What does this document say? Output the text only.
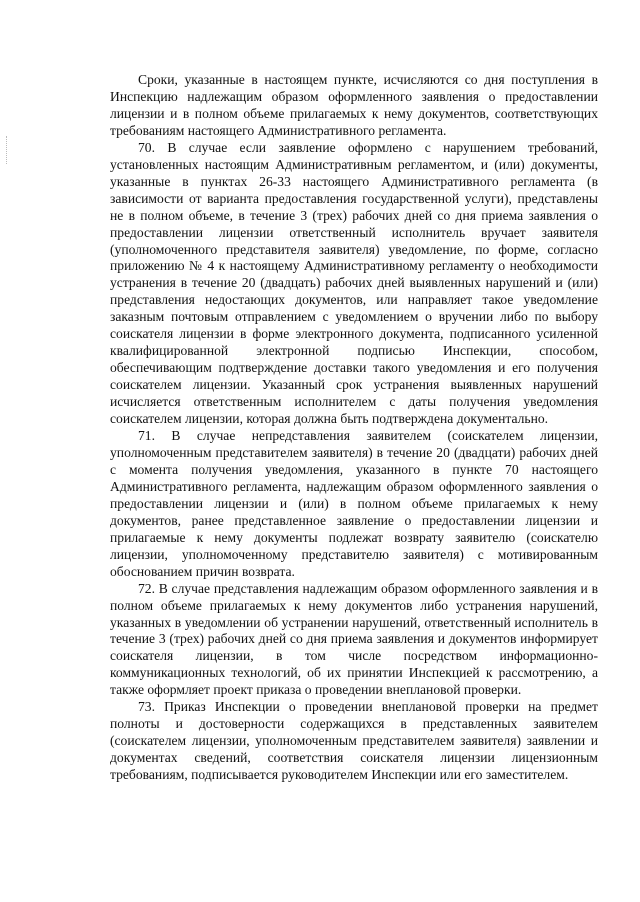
Сроки, указанные в настоящем пункте, исчисляются со дня поступления в Инспекцию надлежащим образом оформленного заявления о предоставлении лицензии и в полном объеме прилагаемых к нему документов, соответствующих требованиям настоящего Административного регламента.

70. В случае если заявление оформлено с нарушением требований, установленных настоящим Административным регламентом, и (или) документы, указанные в пунктах 26-33 настоящего Административного регламента (в зависимости от варианта предоставления государственной услуги), представлены не в полном объеме, в течение 3 (трех) рабочих дней со дня приема заявления о предоставлении лицензии ответственный исполнитель вручает заявителя (уполномоченного представителя заявителя) уведомление, по форме, согласно приложению № 4 к настоящему Административному регламенту о необходимости устранения в течение 20 (двадцать) рабочих дней выявленных нарушений и (или) представления недостающих документов, или направляет такое уведомление заказным почтовым отправлением с уведомлением о вручении либо по выбору соискателя лицензии в форме электронного документа, подписанного усиленной квалифицированной электронной подписью Инспекции, способом, обеспечивающим подтверждение доставки такого уведомления и его получения соискателем лицензии. Указанный срок устранения выявленных нарушений исчисляется ответственным исполнителем с даты получения уведомления соискателем лицензии, которая должна быть подтверждена документально.

71. В случае непредставления заявителем (соискателем лицензии, уполномоченным представителем заявителя) в течение 20 (двадцати) рабочих дней с момента получения уведомления, указанного в пункте 70 настоящего Административного регламента, надлежащим образом оформленного заявления о предоставлении лицензии и (или) в полном объеме прилагаемых к нему документов, ранее представленное заявление о предоставлении лицензии и прилагаемые к нему документы подлежат возврату заявителю (соискателю лицензии, уполномоченному представителю заявителя) с мотивированным обоснованием причин возврата.

72. В случае представления надлежащим образом оформленного заявления и в полном объеме прилагаемых к нему документов либо устранения нарушений, указанных в уведомлении об устранении нарушений, ответственный исполнитель в течение 3 (трех) рабочих дней со дня приема заявления и документов информирует соискателя лицензии, в том числе посредством информационно-коммуникационных технологий, об их принятии Инспекцией к рассмотрению, а также оформляет проект приказа о проведении внеплановой проверки.

73. Приказ Инспекции о проведении внеплановой проверки на предмет полноты и достоверности содержащихся в представленных заявителем (соискателем лицензии, уполномоченным представителем заявителя) заявлении и документах сведений, соответствия соискателя лицензии лицензионным требованиям, подписывается руководителем Инспекции или его заместителем.
